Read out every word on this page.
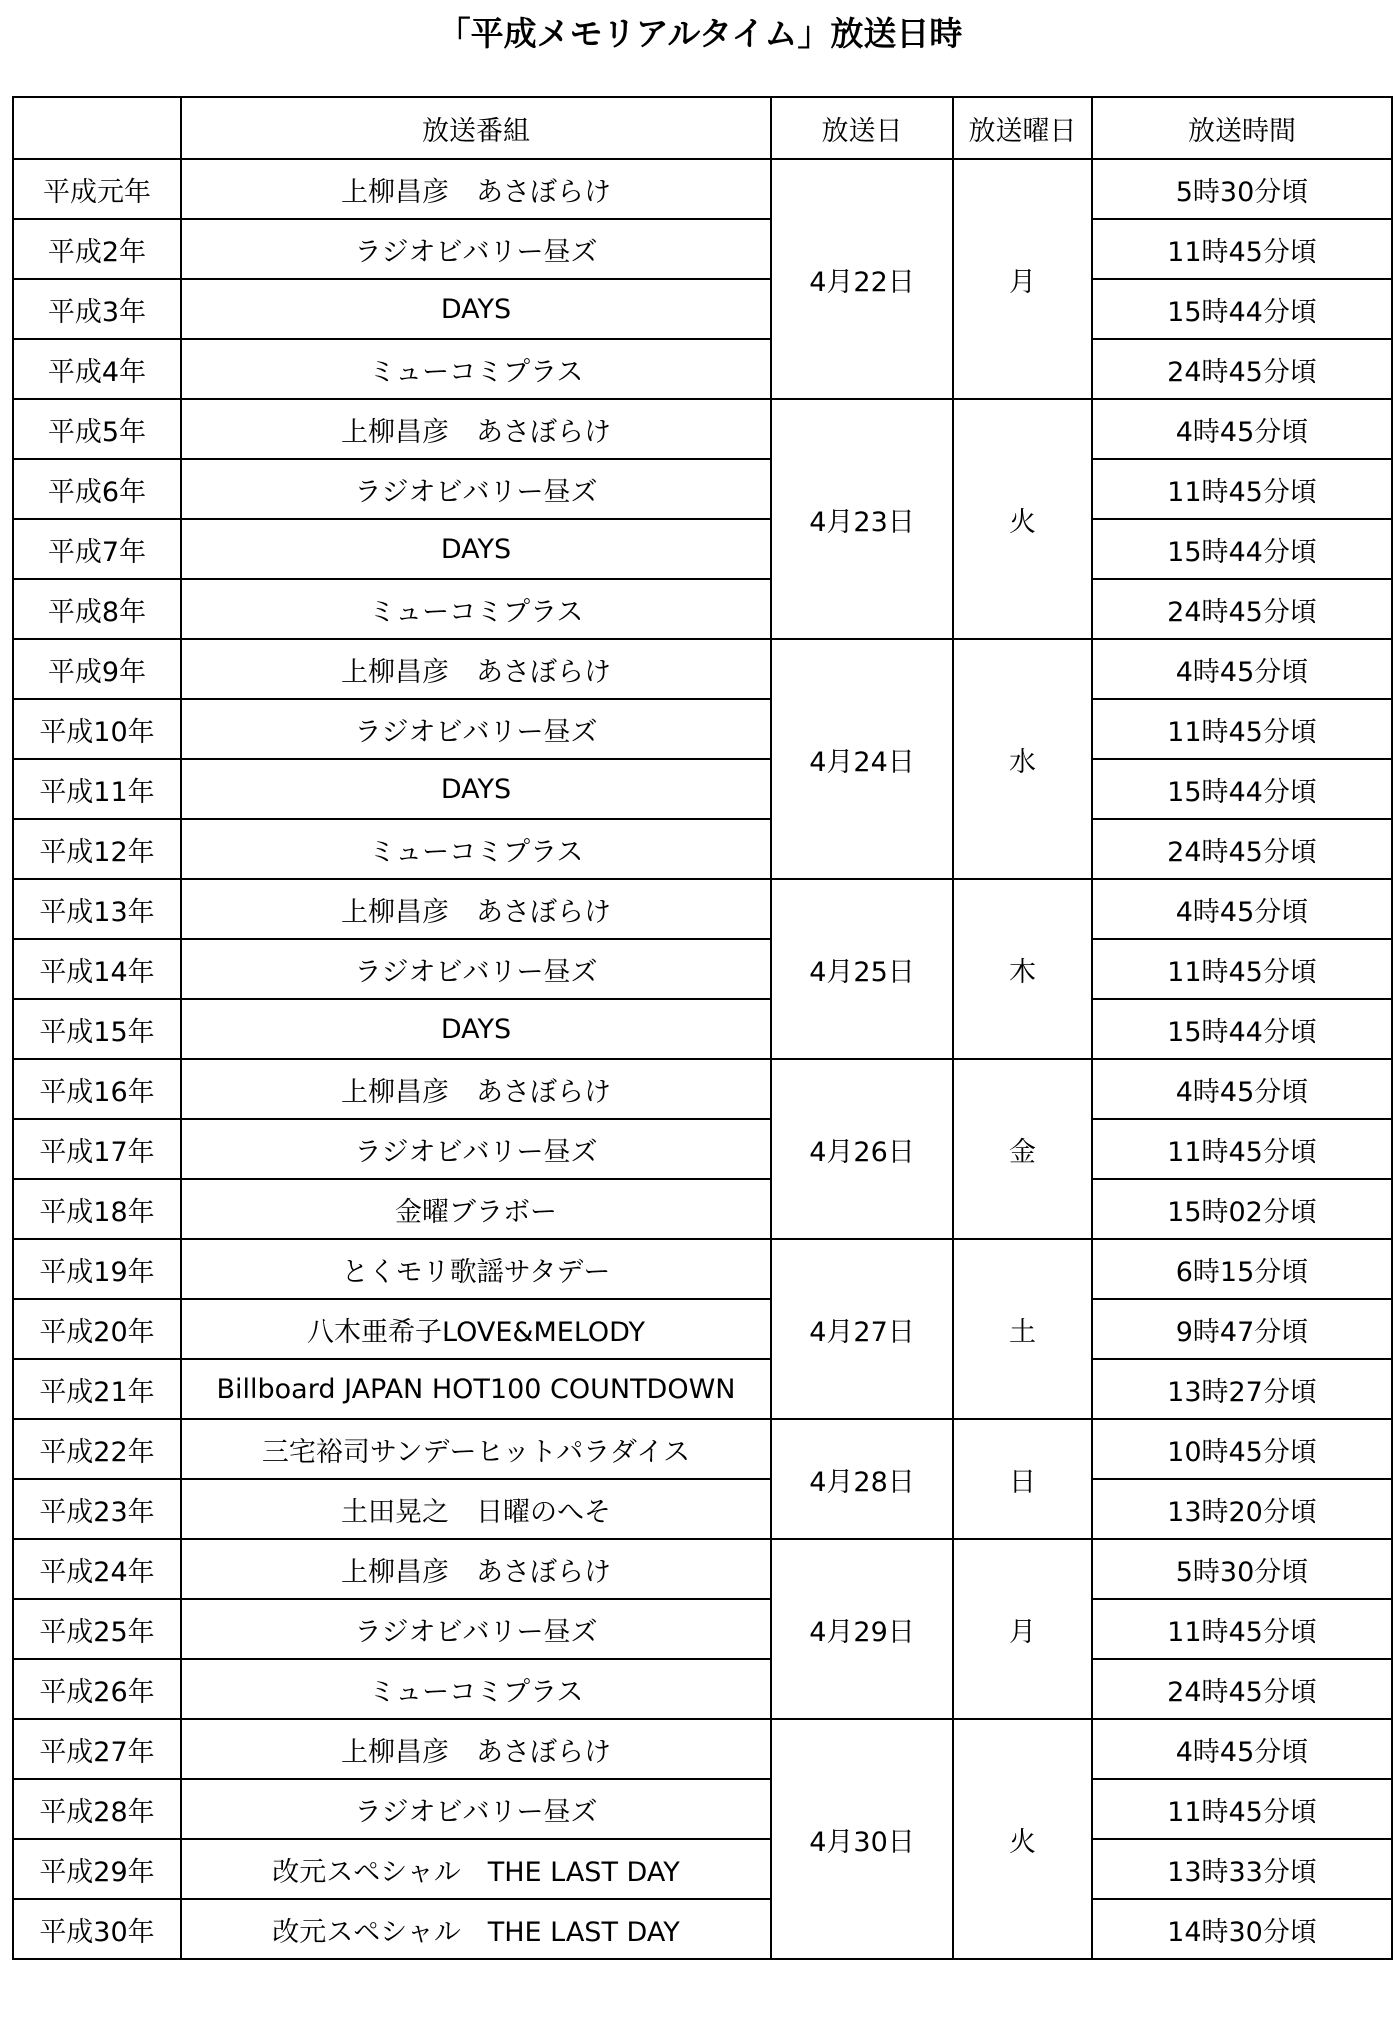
「平成メモリアルタイム」放送日時
	放送番組	放送日	放送曜日	放送時間
平成元年	上柳昌彦　あさぼらけ	4月22日	月	5時30分頃
平成2年	ラジオビバリー昼ズ			11時45分頃
平成3年	DAYS			15時44分頃
平成4年	ミューコミプラス			24時45分頃
平成5年	上柳昌彦　あさぼらけ	4月23日	火	4時45分頃
平成6年	ラジオビバリー昼ズ			11時45分頃
平成7年	DAYS			15時44分頃
平成8年	ミューコミプラス			24時45分頃
平成9年	上柳昌彦　あさぼらけ	4月24日	水	4時45分頃
平成10年	ラジオビバリー昼ズ			11時45分頃
平成11年	DAYS			15時44分頃
平成12年	ミューコミプラス			24時45分頃
平成13年	上柳昌彦　あさぼらけ	4月25日	木	4時45分頃
平成14年	ラジオビバリー昼ズ			11時45分頃
平成15年	DAYS			15時44分頃
平成16年	上柳昌彦　あさぼらけ	4月26日	金	4時45分頃
平成17年	ラジオビバリー昼ズ			11時45分頃
平成18年	金曜ブラボー			15時02分頃
平成19年	とくモリ歌謡サタデー	4月27日	土	6時15分頃
平成20年	八木亜希子LOVE&MELODY			9時47分頃
平成21年	Billboard JAPAN HOT100 COUNTDOWN			13時27分頃
平成22年	三宅裕司サンデーヒットパラダイス	4月28日	日	10時45分頃
平成23年	土田晃之　日曜のへそ			13時20分頃
平成24年	上柳昌彦　あさぼらけ	4月29日	月	5時30分頃
平成25年	ラジオビバリー昼ズ			11時45分頃
平成26年	ミューコミプラス			24時45分頃
平成27年	上柳昌彦　あさぼらけ	4月30日	火	4時45分頃
平成28年	ラジオビバリー昼ズ			11時45分頃
平成29年	改元スペシャル　THE LAST DAY			13時33分頃
平成30年	改元スペシャル　THE LAST DAY			14時30分頃
